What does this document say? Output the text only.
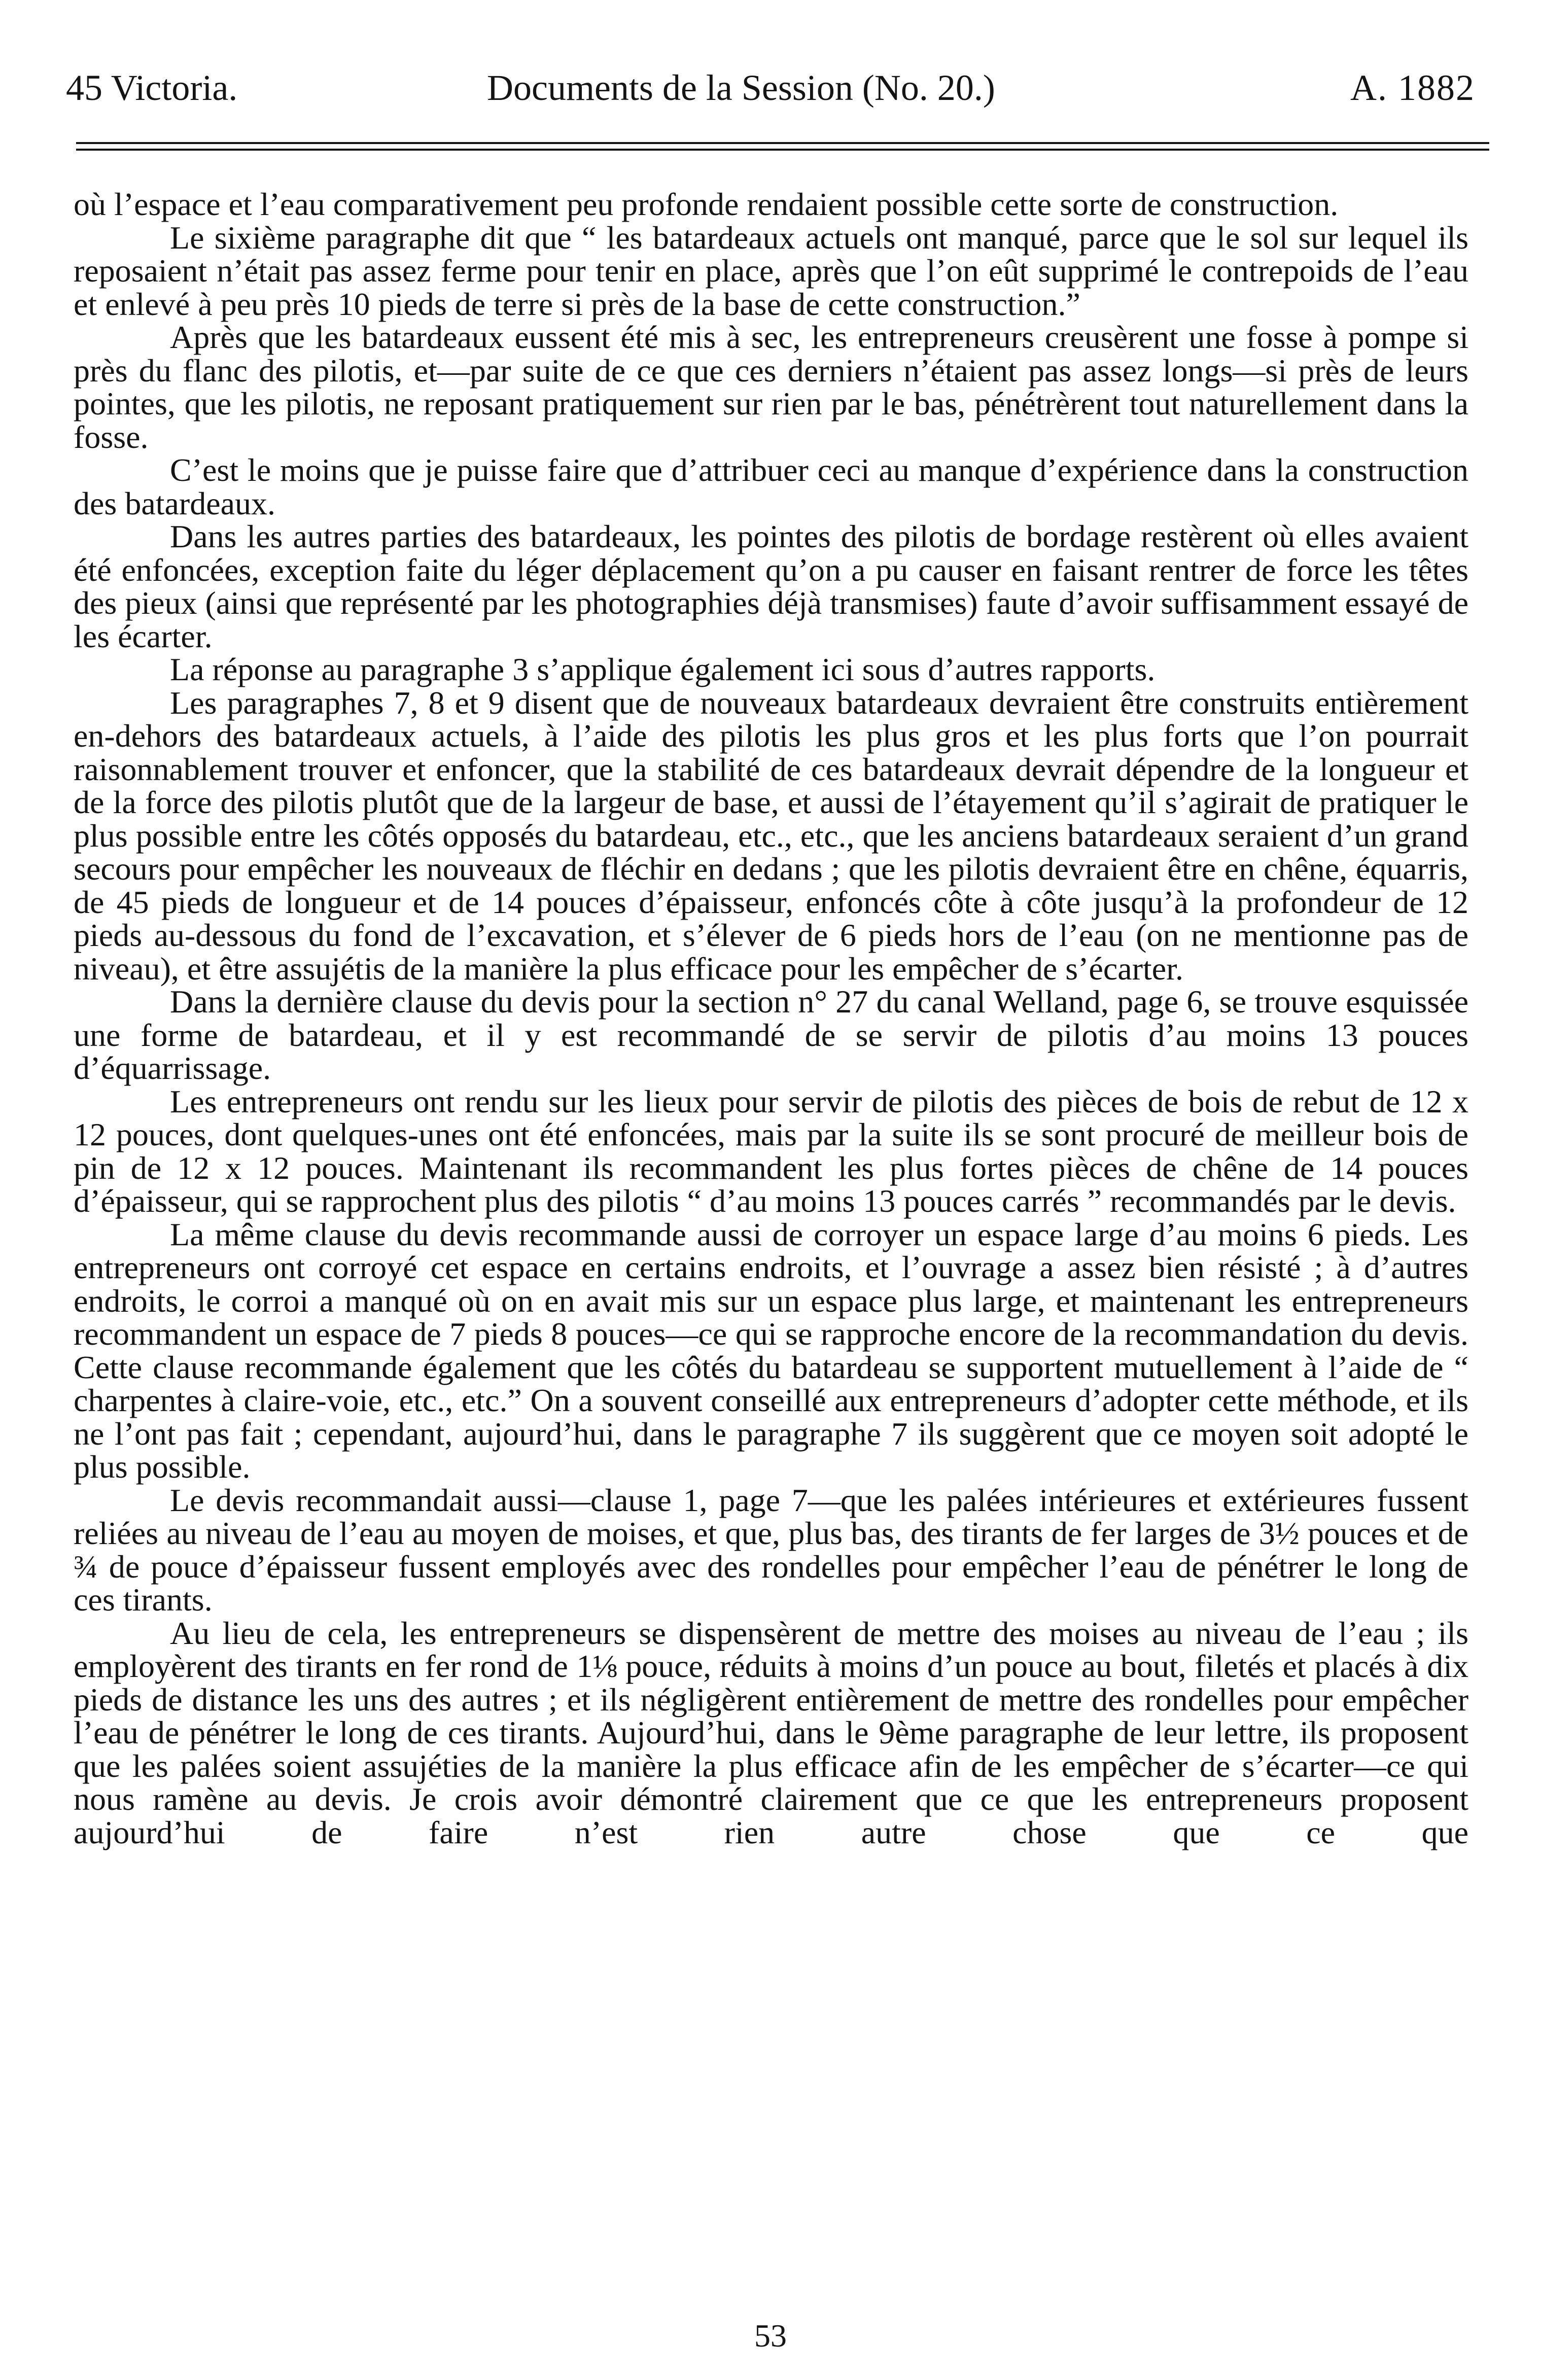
45 Victoria.	Documents de la Session (No. 20.)	A. 1882

où l’espace et l’eau comparativement peu profonde rendaient possible cette sorte de construction.

Le sixième paragraphe dit que “ les batardeaux actuels ont manqué, parce que le sol sur lequel ils reposaient n’était pas assez ferme pour tenir en place, après que l’on eût supprimé le contrepoids de l’eau et enlevé à peu près 10 pieds de terre si près de la base de cette construction.”

Après que les batardeaux eussent été mis à sec, les entrepreneurs creusèrent une fosse à pompe si près du flanc des pilotis, et—par suite de ce que ces derniers n’étaient pas assez longs—si près de leurs pointes, que les pilotis, ne reposant pratiquement sur rien par le bas, pénétrèrent tout naturellement dans la fosse.

C’est le moins que je puisse faire que d’attribuer ceci au manque d’expérience dans la construction des batardeaux.

Dans les autres parties des batardeaux, les pointes des pilotis de bordage restèrent où elles avaient été enfoncées, exception faite du léger déplacement qu’on a pu causer en faisant rentrer de force les têtes des pieux (ainsi que représenté par les photographies déjà transmises) faute d’avoir suffisamment essayé de les écarter.

La réponse au paragraphe 3 s’applique également ici sous d’autres rapports.

Les paragraphes 7, 8 et 9 disent que de nouveaux batardeaux devraient être construits entièrement en-dehors des batardeaux actuels, à l’aide des pilotis les plus gros et les plus forts que l’on pourrait raisonnablement trouver et enfoncer, que la stabilité de ces batardeaux devrait dépendre de la longueur et de la force des pilotis plutôt que de la largeur de base, et aussi de l’étayement qu’il s’agirait de pratiquer le plus possible entre les côtés opposés du batardeau, etc., etc., que les anciens batardeaux seraient d’un grand secours pour empêcher les nouveaux de fléchir en dedans ; que les pilotis devraient être en chêne, équarris, de 45 pieds de longueur et de 14 pouces d’épaisseur, enfoncés côte à côte jusqu’à la profondeur de 12 pieds au-dessous du fond de l’excavation, et s’élever de 6 pieds hors de l’eau (on ne mentionne pas de niveau), et être assujétis de la manière la plus efficace pour les empêcher de s’écarter.

Dans la dernière clause du devis pour la section n° 27 du canal Welland, page 6, se trouve esquissée une forme de batardeau, et il y est recommandé de se servir de pilotis d’au moins 13 pouces d’équarrissage.

Les entrepreneurs ont rendu sur les lieux pour servir de pilotis des pièces de bois de rebut de 12 x 12 pouces, dont quelques-unes ont été enfoncées, mais par la suite ils se sont procuré de meilleur bois de pin de 12 x 12 pouces. Maintenant ils recommandent les plus fortes pièces de chêne de 14 pouces d’épaisseur, qui se rapprochent plus des pilotis “ d’au moins 13 pouces carrés ” recommandés par le devis.

La même clause du devis recommande aussi de corroyer un espace large d’au moins 6 pieds. Les entrepreneurs ont corroyé cet espace en certains endroits, et l’ouvrage a assez bien résisté ; à d’autres endroits, le corroi a manqué où on en avait mis sur un espace plus large, et maintenant les entrepreneurs recommandent un espace de 7 pieds 8 pouces—ce qui se rapproche encore de la recommandation du devis. Cette clause recommande également que les côtés du batardeau se supportent mutuellement à l’aide de “ charpentes à claire-voie, etc., etc.” On a souvent conseillé aux entrepreneurs d’adopter cette méthode, et ils ne l’ont pas fait ; cependant, aujourd’hui, dans le paragraphe 7 ils suggèrent que ce moyen soit adopté le plus possible.

Le devis recommandait aussi—clause 1, page 7—que les palées intérieures et extérieures fussent reliées au niveau de l’eau au moyen de moises, et que, plus bas, des tirants de fer larges de 3½ pouces et de ¾ de pouce d’épaisseur fussent employés avec des rondelles pour empêcher l’eau de pénétrer le long de ces tirants.

Au lieu de cela, les entrepreneurs se dispensèrent de mettre des moises au niveau de l’eau ; ils employèrent des tirants en fer rond de 1⅛ pouce, réduits à moins d’un pouce au bout, filetés et placés à dix pieds de distance les uns des autres ; et ils négligèrent entièrement de mettre des rondelles pour empêcher l’eau de pénétrer le long de ces tirants. Aujourd’hui, dans le 9ème paragraphe de leur lettre, ils proposent que les palées soient assujéties de la manière la plus efficace afin de les empêcher de s’écarter—ce qui nous ramène au devis. Je crois avoir démontré clairement que ce que les entrepreneurs proposent aujourd’hui de faire n’est rien autre chose que ce que

53
